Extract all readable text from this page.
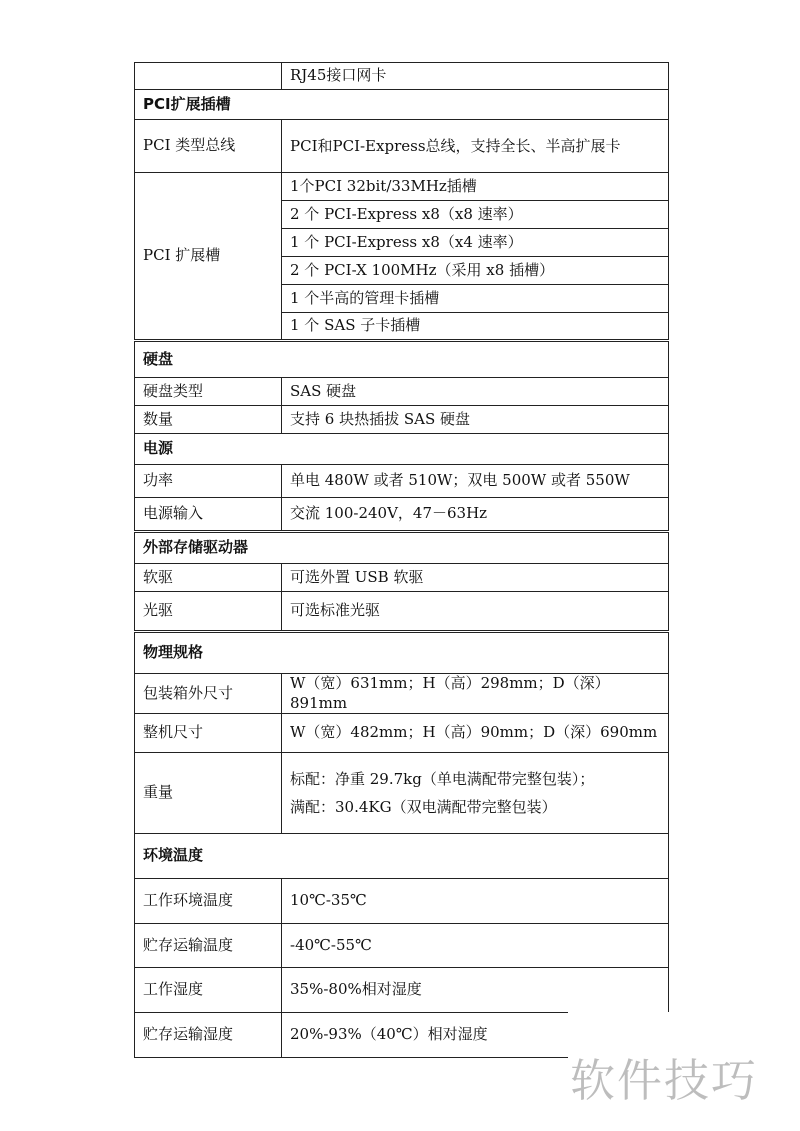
	RJ45接口网卡
PCI扩展插槽	
PCI 类型总线	PCI和PCI-Express总线，支持全长、半高扩展卡
PCI 扩展槽	1个PCI 32bit/33MHz插槽
	2 个 PCI-Express x8（x8 速率）
	1 个 PCI-Express x8（x4 速率）
	2 个 PCI-X 100MHz（采用 x8 插槽）
	1 个半高的管理卡插槽
	1 个 SAS 子卡插槽
硬盘	
硬盘类型	SAS 硬盘
数量	支持 6 块热插拔 SAS 硬盘
电源	
功率	单电 480W 或者 510W；双电 500W 或者 550W
电源输入	交流 100-240V，47－63Hz
外部存储驱动器	
软驱	可选外置 USB 软驱
光驱	可选标准光驱
物理规格	
包装箱外尺寸	W（宽）631mm；H（高）298mm；D（深）891mm
整机尺寸	W（宽）482mm；H（高）90mm；D（深）690mm
重量	标配：净重 29.7kg（单电满配带完整包装）；
满配：30.4KG（双电满配带完整包装）

环境温度	
工作环境温度	10℃-35℃
贮存运输温度	-40℃-55℃
工作湿度	35%-80%相对湿度
贮存运输湿度	20%-93%（40℃）相对湿度
软件技巧
